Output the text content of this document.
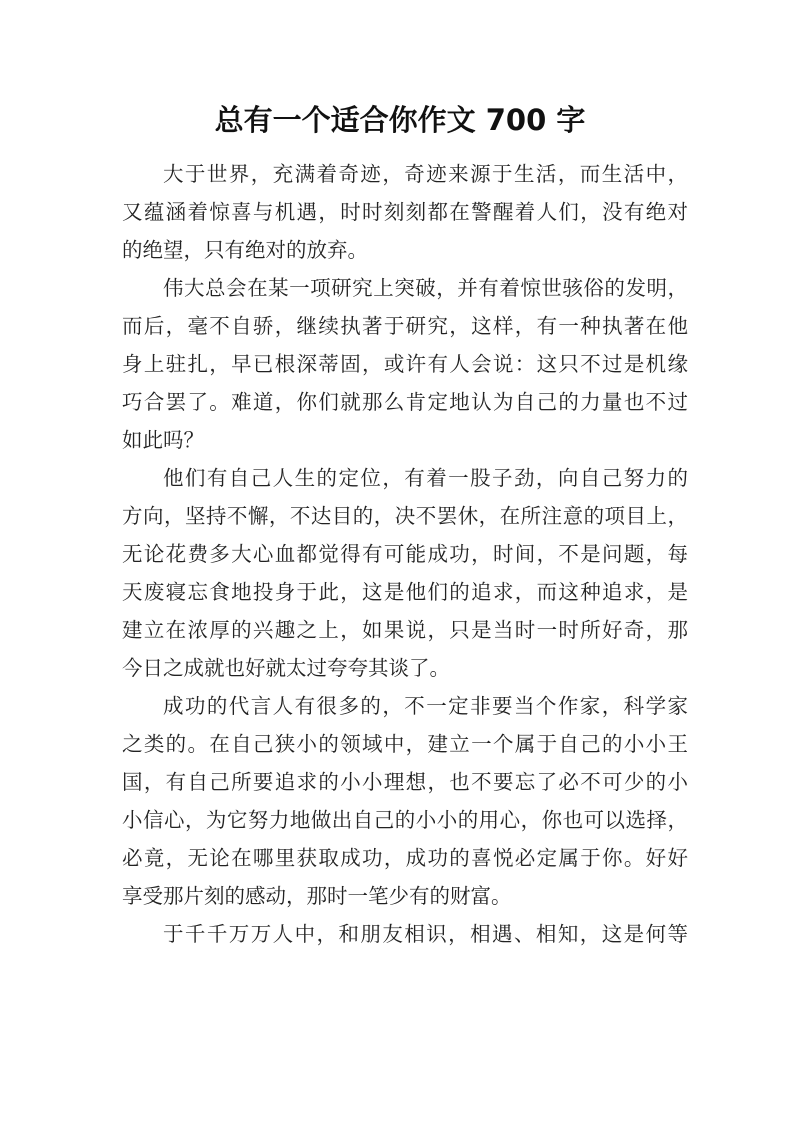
总有一个适合你作文 700 字
大于世界，充满着奇迹，奇迹来源于生活，而生活中，
又蕴涵着惊喜与机遇，时时刻刻都在警醒着人们，没有绝对
的绝望，只有绝对的放弃。
伟大总会在某一项研究上突破，并有着惊世骇俗的发明，
而后，毫不自骄，继续执著于研究，这样，有一种执著在他
身上驻扎，早已根深蒂固，或许有人会说：这只不过是机缘
巧合罢了。难道，你们就那么肯定地认为自己的力量也不过
如此吗？
他们有自己人生的定位，有着一股子劲，向自己努力的
方向，坚持不懈，不达目的，决不罢休，在所注意的项目上，
无论花费多大心血都觉得有可能成功，时间，不是问题，每
天废寝忘食地投身于此，这是他们的追求，而这种追求，是
建立在浓厚的兴趣之上，如果说，只是当时一时所好奇，那
今日之成就也好就太过夸夸其谈了。
成功的代言人有很多的，不一定非要当个作家，科学家
之类的。在自己狭小的领域中，建立一个属于自己的小小王
国，有自己所要追求的小小理想，也不要忘了必不可少的小
小信心，为它努力地做出自己的小小的用心，你也可以选择，
必竟，无论在哪里获取成功，成功的喜悦必定属于你。好好
享受那片刻的感动，那时一笔少有的财富。
于千千万万人中，和朋友相识，相遇、相知，这是何等
